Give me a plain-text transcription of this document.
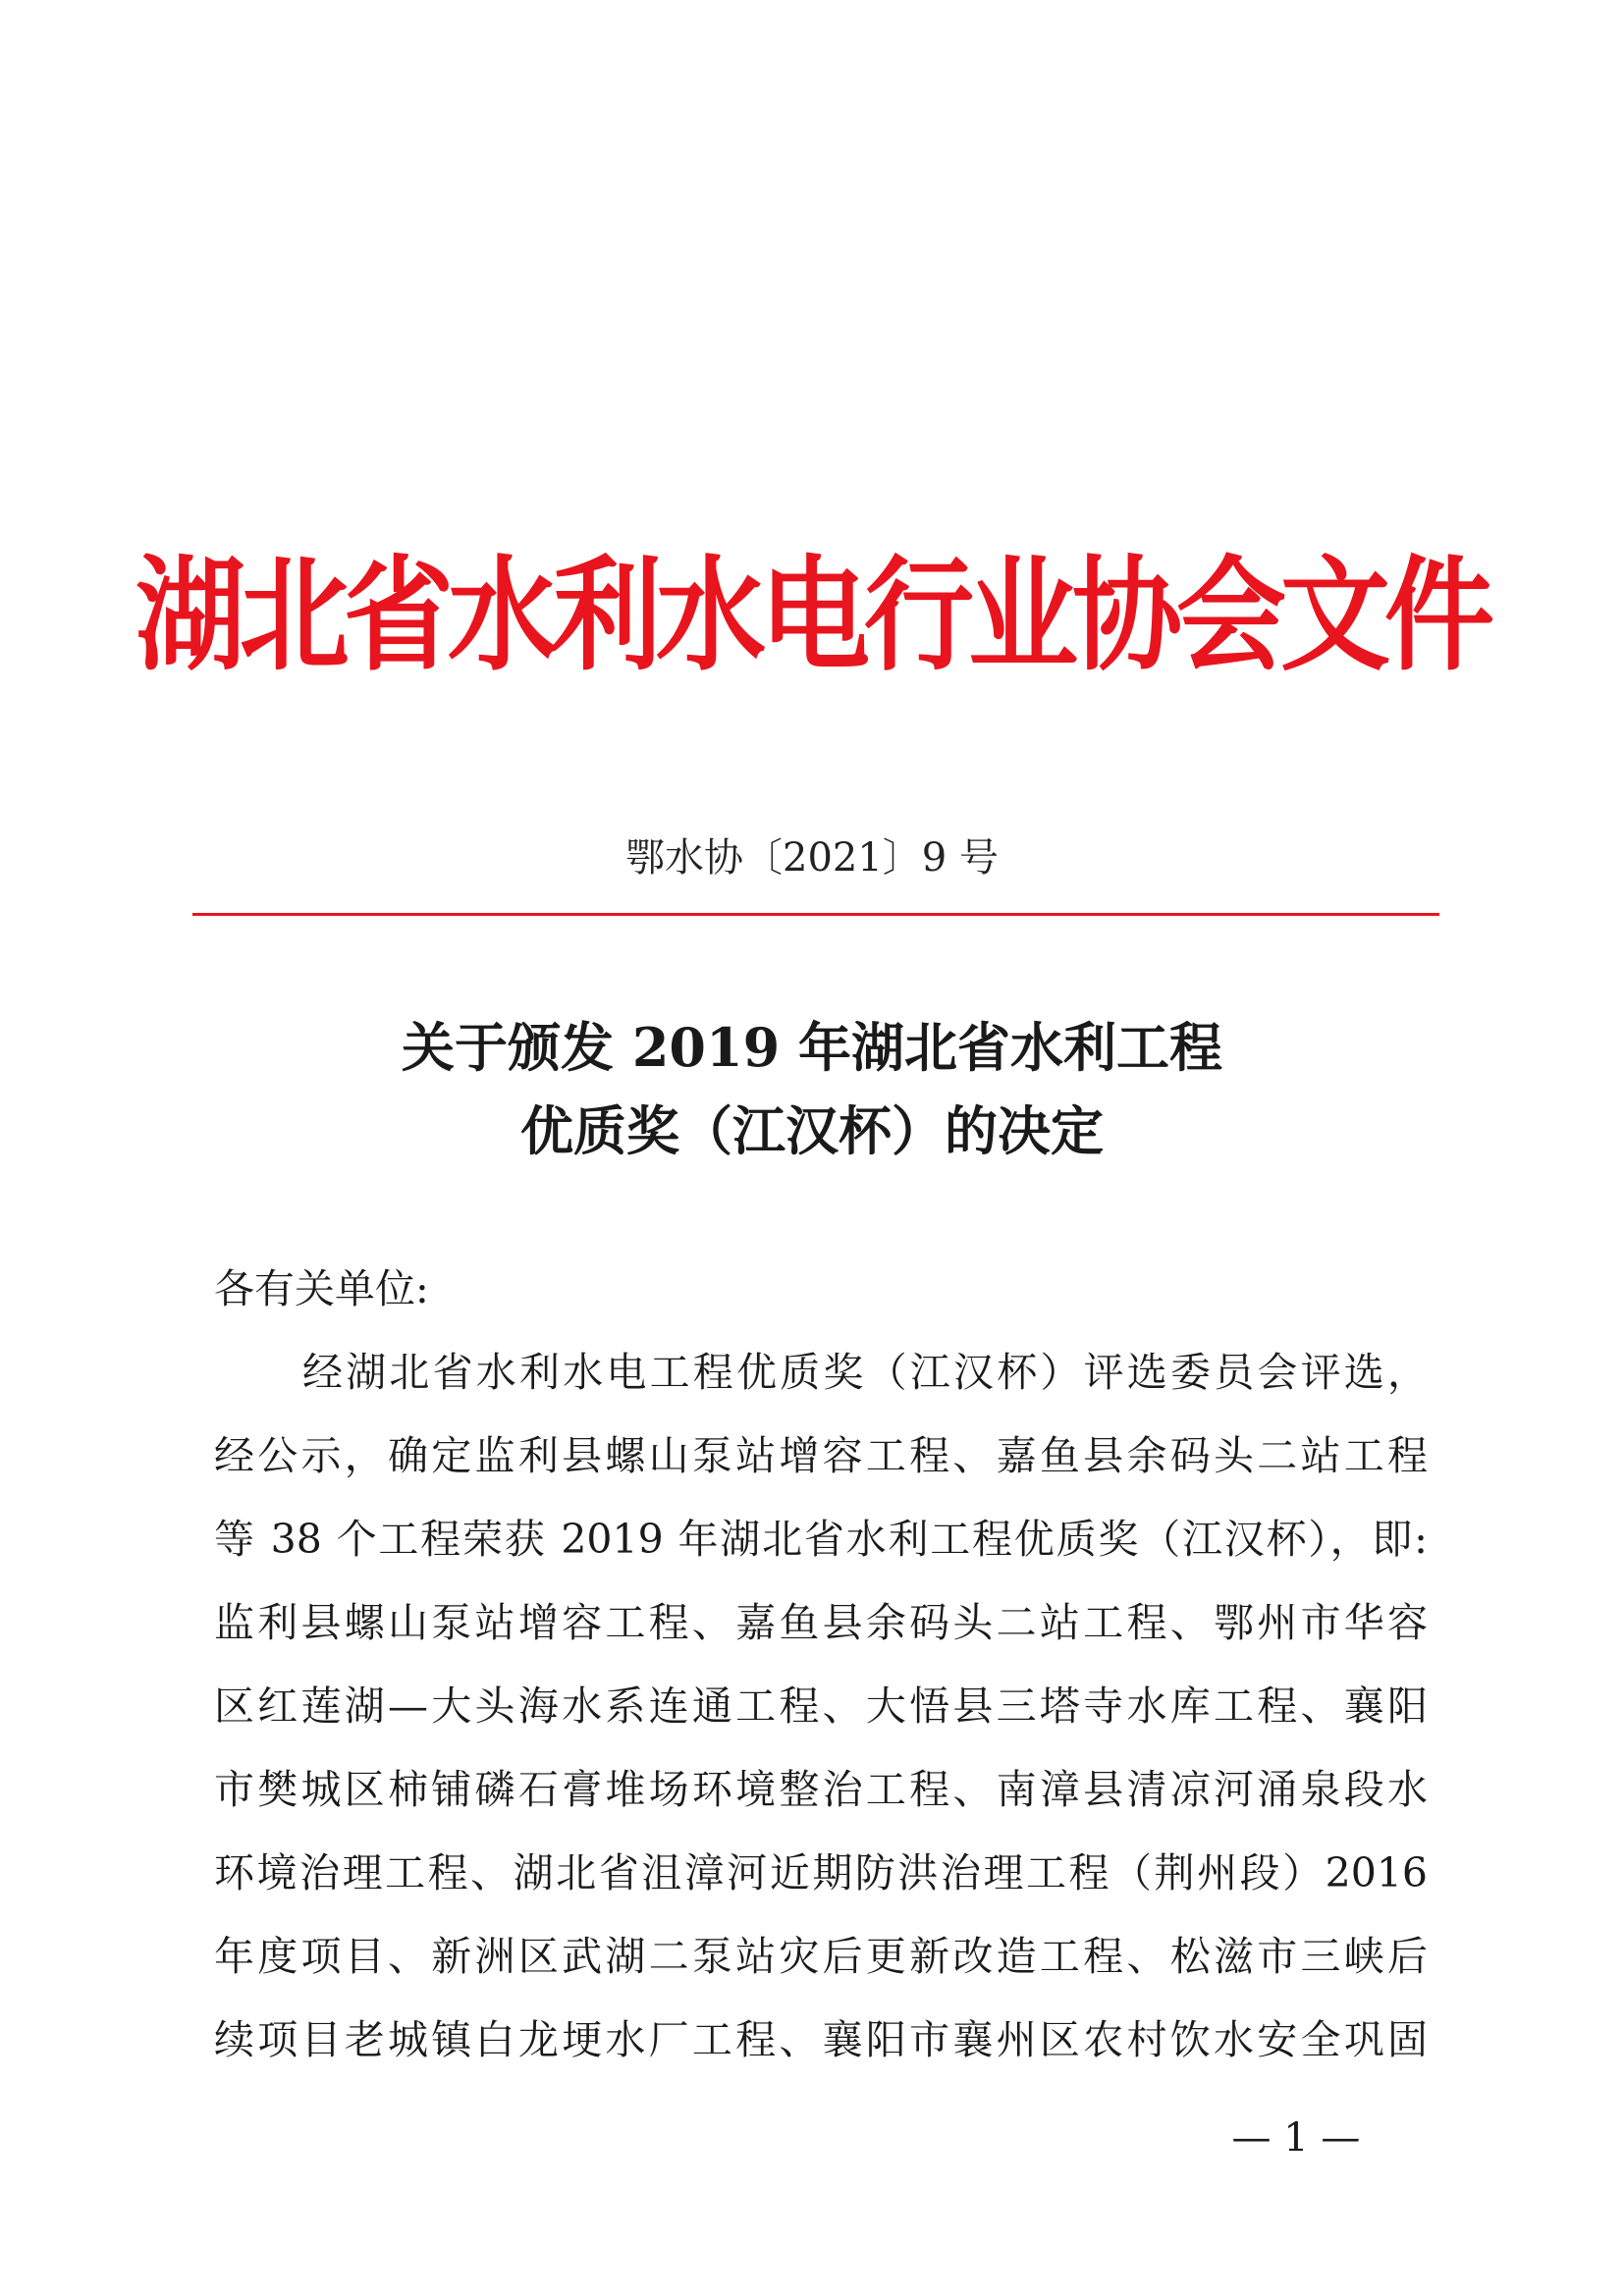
湖北省水利水电行业协会文件
鄂水协〔2021〕9 号
关于颁发 2019 年湖北省水利工程
优质奖（江汉杯）的决定
各有关单位:
经湖北省水利水电工程优质奖（江汉杯）评选委员会评选，
经公示，确定监利县螺山泵站增容工程、嘉鱼县余码头二站工程
等 38 个工程荣获 2019 年湖北省水利工程优质奖（江汉杯），即:
监利县螺山泵站增容工程、嘉鱼县余码头二站工程、鄂州市华容
区红莲湖—大头海水系连通工程、大悟县三塔寺水库工程、襄阳
市樊城区柿铺磷石膏堆场环境整治工程、南漳县清凉河涌泉段水
环境治理工程、湖北省沮漳河近期防洪治理工程（荆州段）2016
年度项目、新洲区武湖二泵站灾后更新改造工程、松滋市三峡后
续项目老城镇白龙埂水厂工程、襄阳市襄州区农村饮水安全巩固
— 1 —
